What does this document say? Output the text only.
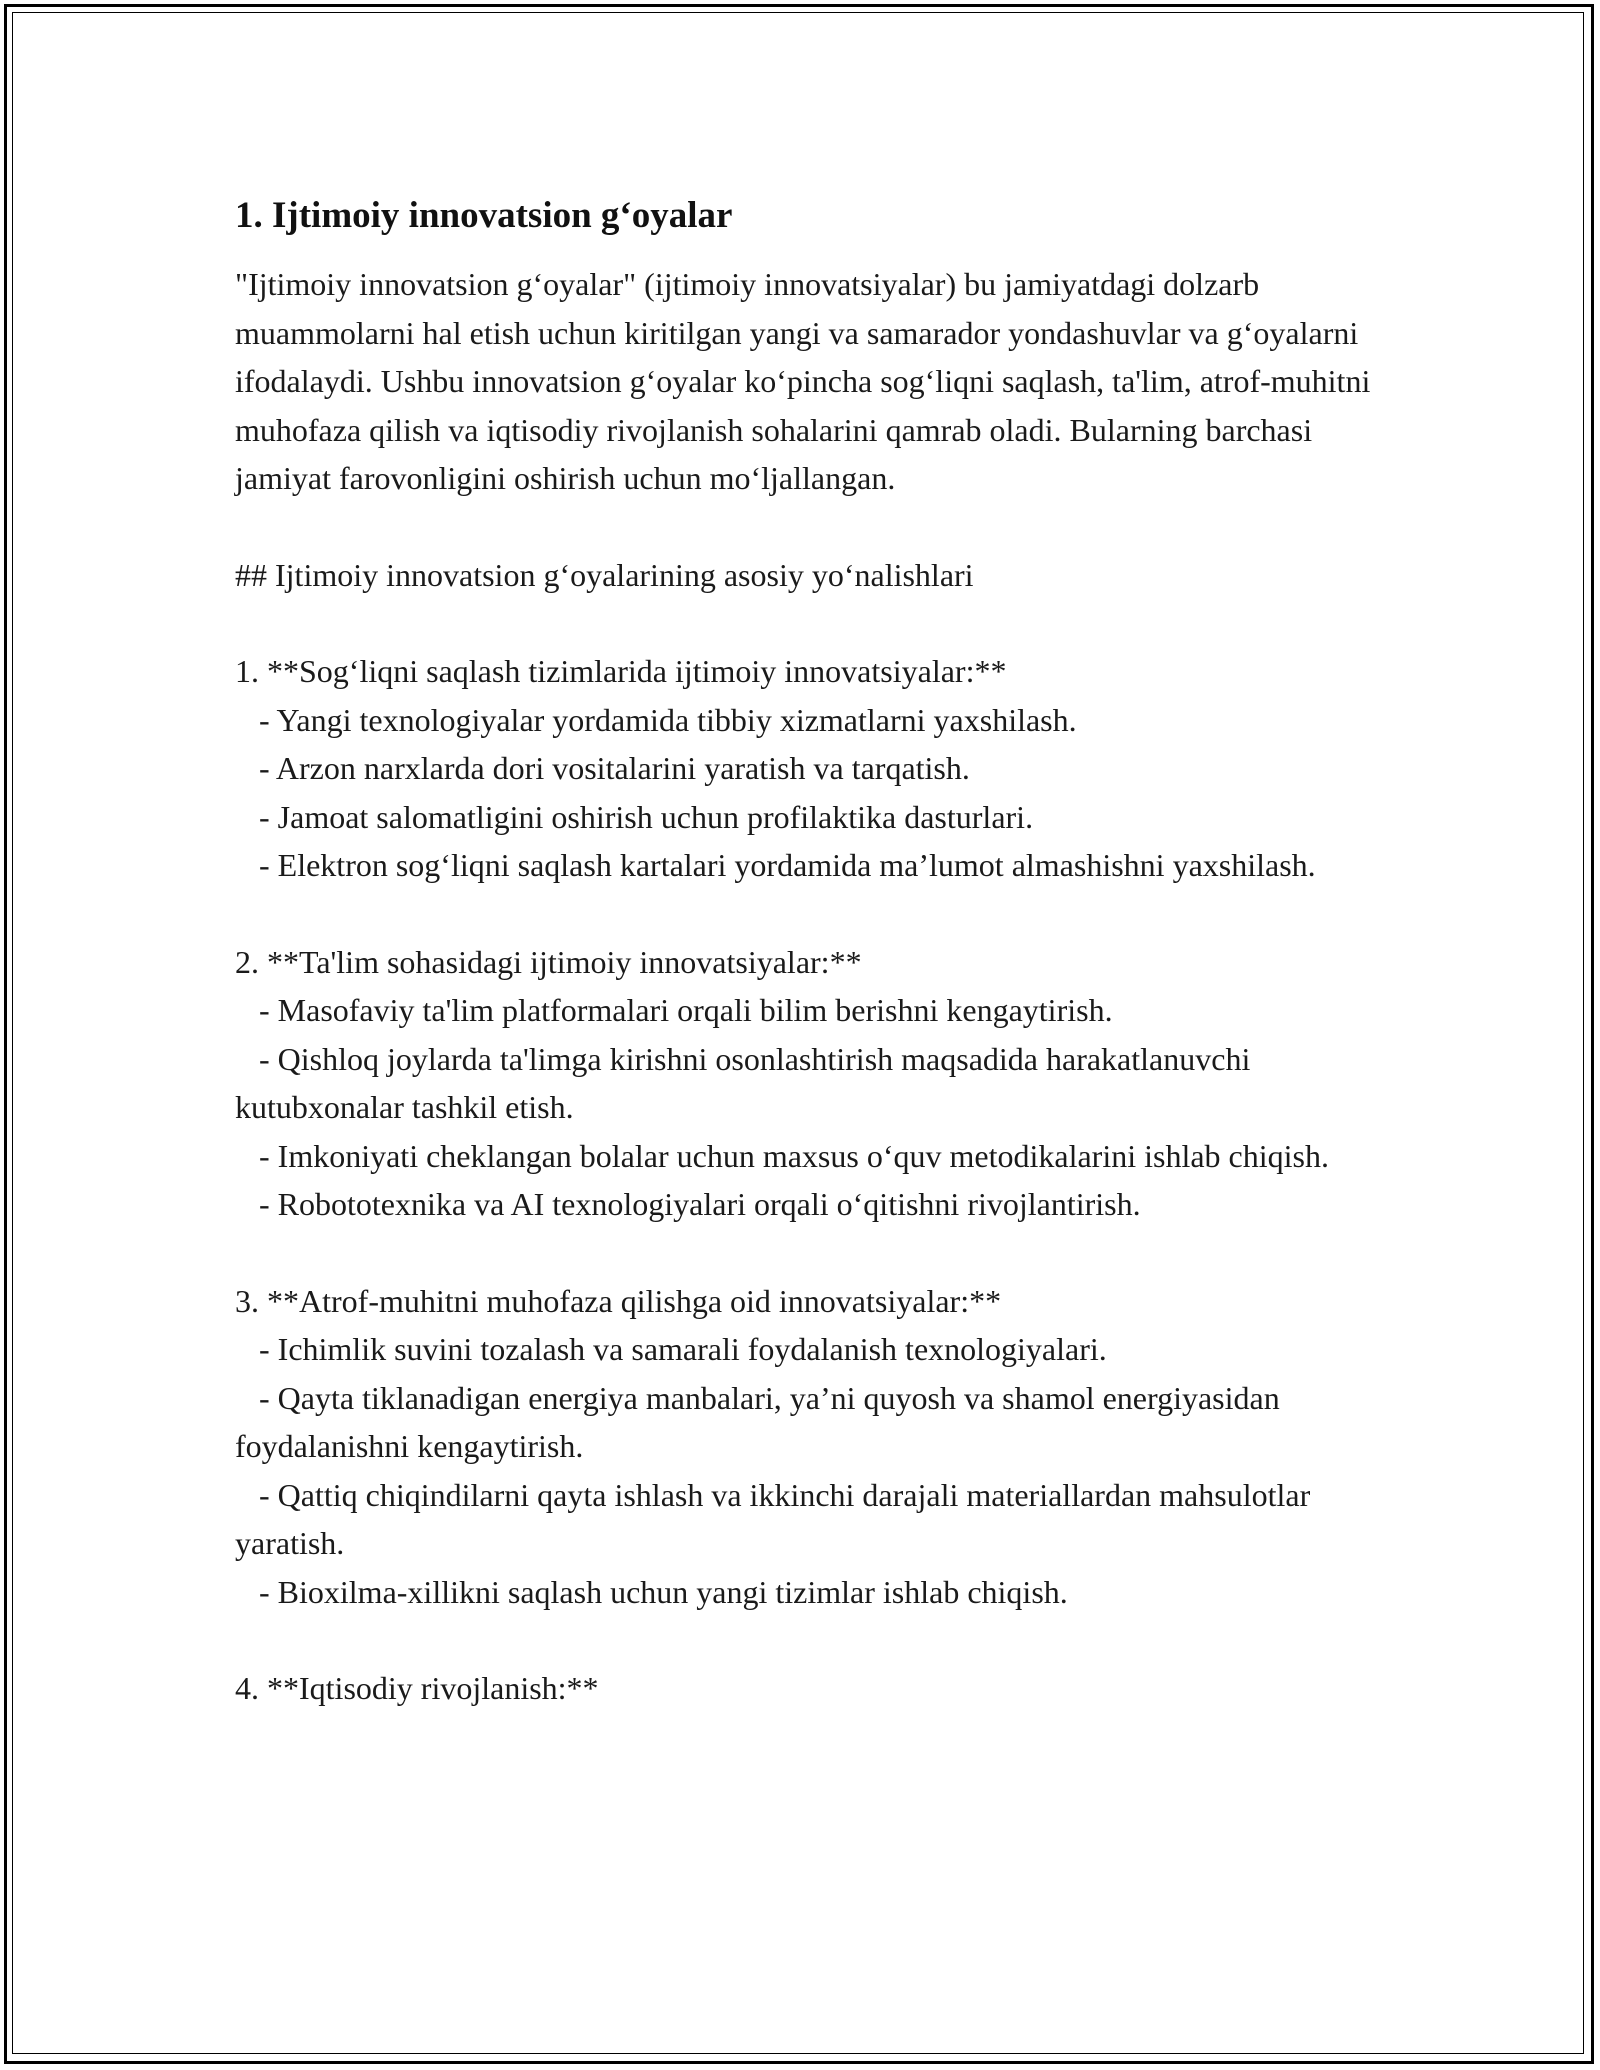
1. Ijtimoiy innovatsion g‘oyalar

"Ijtimoiy innovatsion g‘oyalar" (ijtimoiy innovatsiyalar) bu jamiyatdagi dolzarb muammolarni hal etish uchun kiritilgan yangi va samarador yondashuvlar va g‘oyalarni ifodalaydi. Ushbu innovatsion g‘oyalar ko‘pincha sog‘liqni saqlash, ta'lim, atrof-muhitni muhofaza qilish va iqtisodiy rivojlanish sohalarini qamrab oladi. Bularning barchasi jamiyat farovonligini oshirish uchun mo‘ljallangan.

## Ijtimoiy innovatsion g‘oyalarining asosiy yo‘nalishlari

1. **Sog‘liqni saqlash tizimlarida ijtimoiy innovatsiyalar:**

- Yangi texnologiyalar yordamida tibbiy xizmatlarni yaxshilash.
- Arzon narxlarda dori vositalarini yaratish va tarqatish.
- Jamoat salomatligini oshirish uchun profilaktika dasturlari.
- Elektron sog‘liqni saqlash kartalari yordamida ma’lumot almashishni yaxshilash.

2. **Ta'lim sohasidagi ijtimoiy innovatsiyalar:**

- Masofaviy ta'lim platformalari orqali bilim berishni kengaytirish.
- Qishloq joylarda ta'limga kirishni osonlashtirish maqsadida harakatlanuvchi kutubxonalar tashkil etish.
- Imkoniyati cheklangan bolalar uchun maxsus o‘quv metodikalarini ishlab chiqish.
- Robototexnika va AI texnologiyalari orqali o‘qitishni rivojlantirish.

3. **Atrof-muhitni muhofaza qilishga oid innovatsiyalar:**

- Ichimlik suvini tozalash va samarali foydalanish texnologiyalari.
- Qayta tiklanadigan energiya manbalari, ya’ni quyosh va shamol energiyasidan foydalanishni kengaytirish.
- Qattiq chiqindilarni qayta ishlash va ikkinchi darajali materiallardan mahsulotlar yaratish.
- Bioxilma-xillikni saqlash uchun yangi tizimlar ishlab chiqish.

4. **Iqtisodiy rivojlanish:**
